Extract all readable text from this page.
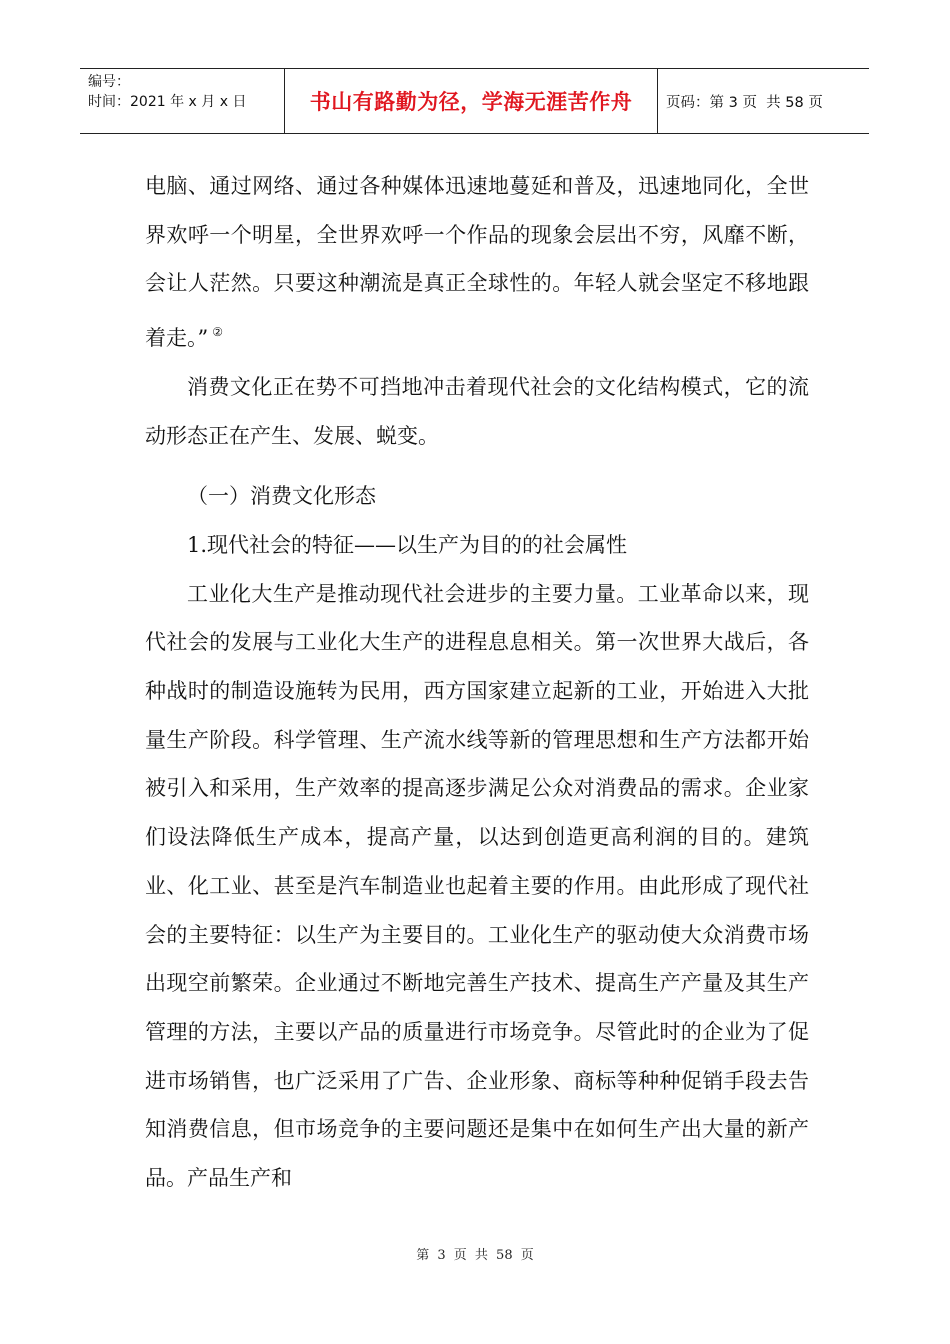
编号：
时间：2021 年 x 月 x 日	书山有路勤为径，学海无涯苦作舟	页码：第 3 页  共 58 页

电脑、通过网络、通过各种媒体迅速地蔓延和普及，迅速地同化，全世界欢呼一个明星，全世界欢呼一个作品的现象会层出不穷，风靡不断，会让人茫然。只要这种潮流是真正全球性的。年轻人就会坚定不移地跟着走。” ②

消费文化正在势不可挡地冲击着现代社会的文化结构模式，它的流动形态正在产生、发展、蜕变。

（一）消费文化形态

1.现代社会的特征——以生产为目的的社会属性

工业化大生产是推动现代社会进步的主要力量。工业革命以来，现代社会的发展与工业化大生产的进程息息相关。第一次世界大战后，各种战时的制造设施转为民用，西方国家建立起新的工业，开始进入大批量生产阶段。科学管理、生产流水线等新的管理思想和生产方法都开始被引入和采用，生产效率的提高逐步满足公众对消费品的需求。企业家们设法降低生产成本，提高产量，以达到创造更高利润的目的。建筑业、化工业、甚至是汽车制造业也起着主要的作用。由此形成了现代社会的主要特征：以生产为主要目的。工业化生产的驱动使大众消费市场出现空前繁荣。企业通过不断地完善生产技术、提高生产产量及其生产管理的方法，主要以产品的质量进行市场竞争。尽管此时的企业为了促进市场销售，也广泛采用了广告、企业形象、商标等种种促销手段去告知消费信息，但市场竞争的主要问题还是集中在如何生产出大量的新产品。产品生产和

第 3 页 共 58 页
